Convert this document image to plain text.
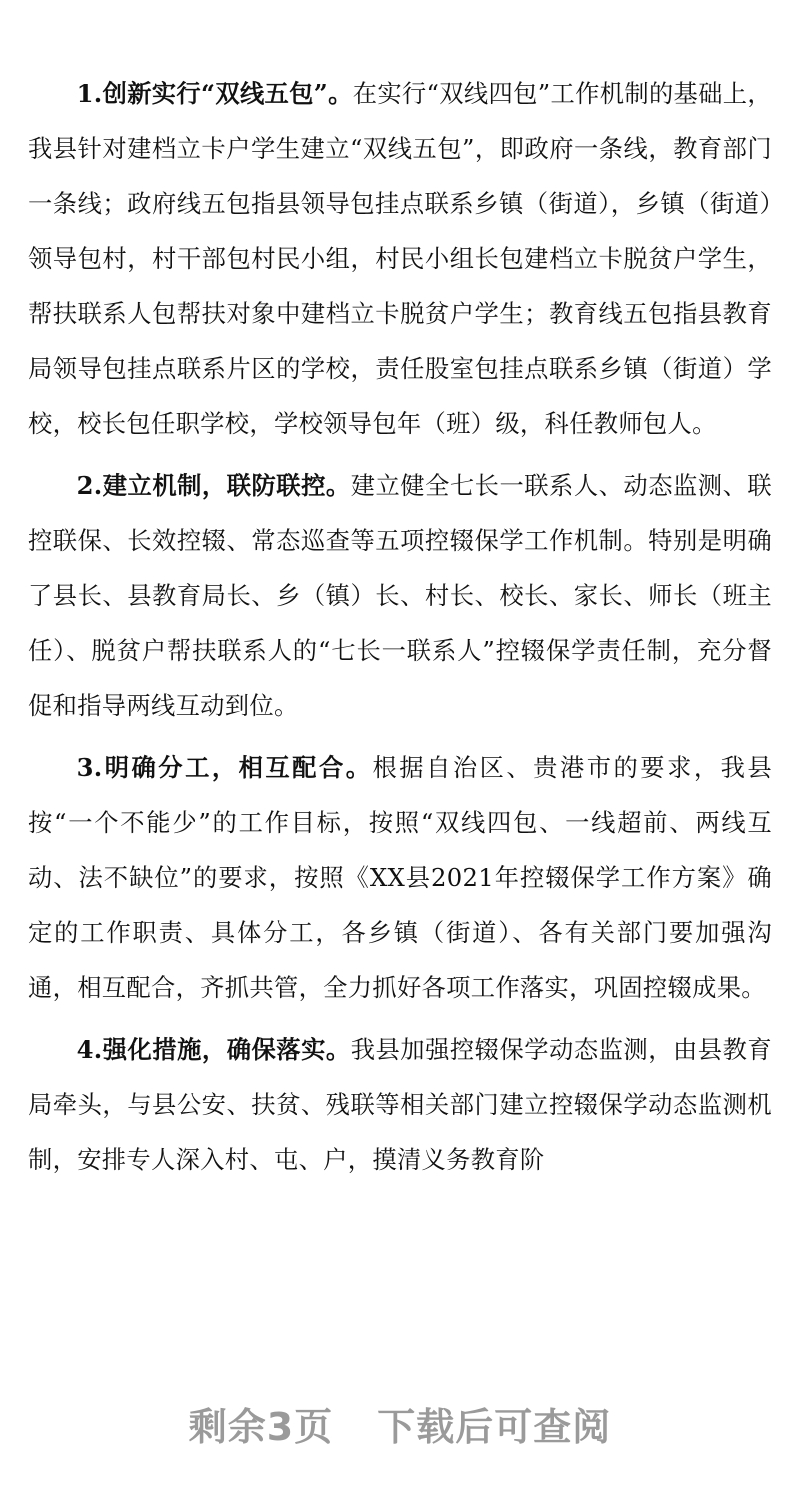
1.创新实行“双线五包”。在实行“双线四包”工作机制的基础上，我县针对建档立卡户学生建立“双线五包”，即政府一条线，教育部门一条线；政府线五包指县领导包挂点联系乡镇（街道），乡镇（街道）领导包村，村干部包村民小组，村民小组长包建档立卡脱贫户学生，帮扶联系人包帮扶对象中建档立卡脱贫户学生；教育线五包指县教育局领导包挂点联系片区的学校，责任股室包挂点联系乡镇（街道）学校，校长包任职学校，学校领导包年（班）级，科任教师包人。

2.建立机制，联防联控。建立健全七长一联系人、动态监测、联控联保、长效控辍、常态巡查等五项控辍保学工作机制。特别是明确了县长、县教育局长、乡（镇）长、村长、校长、家长、师长（班主任）、脱贫户帮扶联系人的“七长一联系人”控辍保学责任制，充分督促和指导两线互动到位。

3.明确分工，相互配合。根据自治区、贵港市的要求，我县按“一个不能少”的工作目标，按照“双线四包、一线超前、两线互动、法不缺位”的要求，按照《XX县2021年控辍保学工作方案》确定的工作职责、具体分工，各乡镇（街道）、各有关部门要加强沟通，相互配合，齐抓共管，全力抓好各项工作落实，巩固控辍成果。

4.强化措施，确保落实。我县加强控辍保学动态监测，由县教育局牵头，与县公安、扶贫、残联等相关部门建立控辍保学动态监测机制，安排专人深入村、屯、户，摸清义务教育阶

剩余3页 下载后可查阅
